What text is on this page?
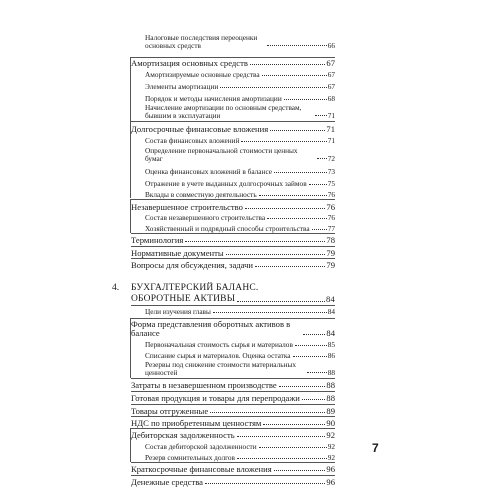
Налоговые последствия переоценки основных средств	66
Амортизация основных средств	67
Амортизируемые основные средства	67
Элементы амортизации	67
Порядок и методы начисления амортизации	68
Начисление амортизации по основным средствам, бывшим в эксплуатации	71
Долгосрочные финансовые вложения	71
Состав финансовых вложений	71
Определение первоначальной стоимости ценных бумаг	72
Оценка финансовых вложений в балансе	73
Отражение в учете выданных долгосрочных займов	75
Вклады в совместную деятельность	76
Незавершенное строительство	76
Состав незавершенного строительства	76
Хозяйственный и подрядный способы строительства 77
Терминология	78
Нормативные документы	79
Вопросы для обсуждения, задачи	79
4. БУХГАЛТЕРСКИЙ БАЛАНС.
ОБОРОТНЫЕ АКТИВЫ	84
Цели изучения главы	84
Форма представления оборотных активов в балансе	84
Первоначальная стоимость сырья и материалов	85
Списание сырья и материалов. Оценка остатка	86
Резервы под снижение стоимости материальных ценностей	88
Затраты в незавершенном производстве	88
Готовая продукция и товары для перепродажи	88
Товары отгруженные	89
НДС по приобретенным ценностям	90
Дебиторская задолженность	92
Состав дебиторской задолженности	92
Резерв сомнительных долгов	92
Краткосрочные финансовые вложения	96
Денежные средства	96
7
